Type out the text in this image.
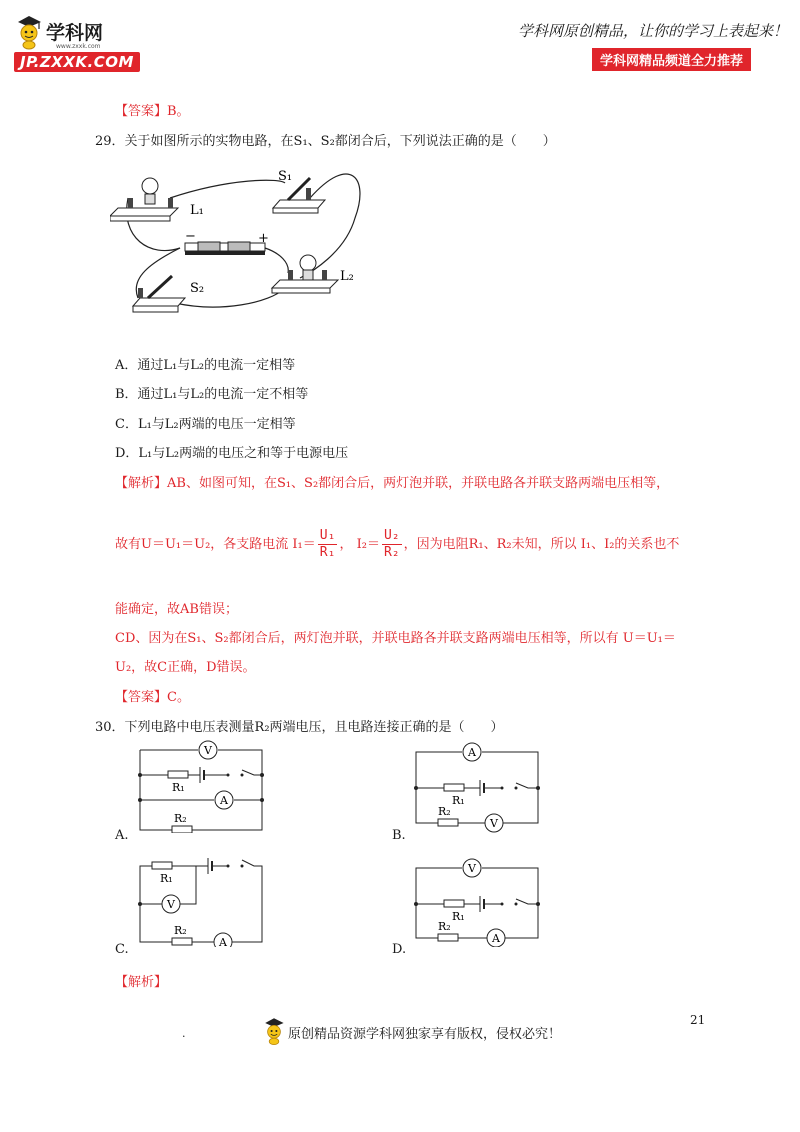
学科网
www.zxxk.com
JP.ZXXK.COM
学科网原创精品，让你的学习上表起来！
学科网精品频道全力推荐
【答案】B。
29．关于如图所示的实物电路，在S₁、S₂都闭合后，下列说法正确的是（　　）
L₁
S₁
−	+
S₂
L₂
A．通过L₁与L₂的电流一定相等
B．通过L₁与L₂的电流一定不相等
C．L₁与L₂两端的电压一定相等
D．L₁与L₂两端的电压之和等于电源电压
【解析】AB、如图可知，在S₁、S₂都闭合后，两灯泡并联，并联电路各并联支路两端电压相等，
故有U＝U₁＝U₂，各支路电流 $I_1= \frac{\text{U₁}}{\text{R₁}}$ ， $I_2= \frac{\text{U₂}}{\text{R₂}}$ ，因为电阻R₁、R₂未知，所以 I₁、I₂的关系也不
能确定，故AB错误；
CD、因为在S₁、S₂都闭合后，两灯泡并联，并联电路各并联支路两端电压相等，所以有 U＝U₁＝
U₂，故C正确，D错误。
【答案】C。
30．下列电路中电压表测量R₂两端电压，且电路连接正确的是（　　）
V
A
R₁
R₂
A.
A
V
R₁
R₂
B.
R₁
V
R₂
A
C.
V
R₁
R₂
A
D.
【解析】
21
.	原创精品资源学科网独家享有版权，侵权必究！
